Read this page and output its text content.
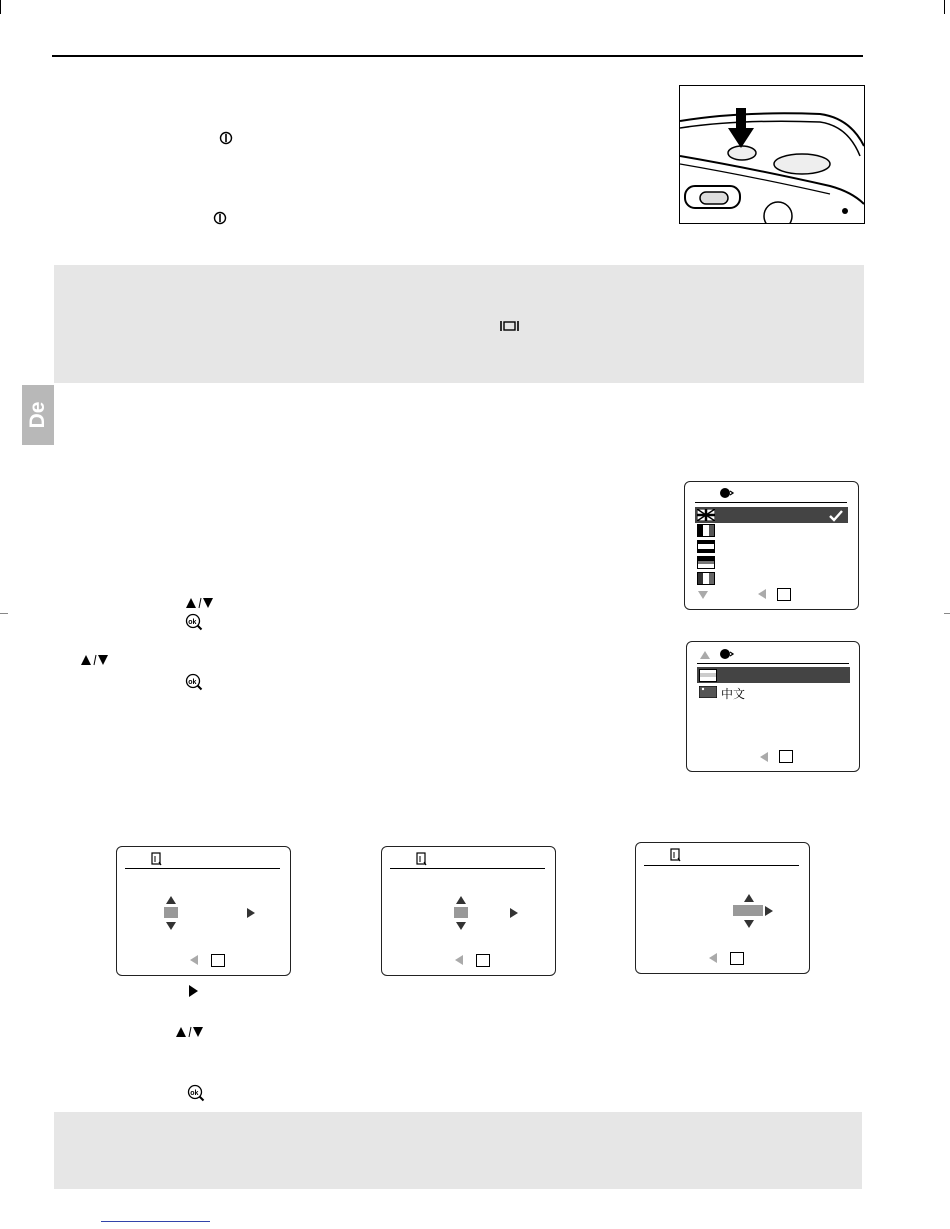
De
中文
ok
ok
ok
